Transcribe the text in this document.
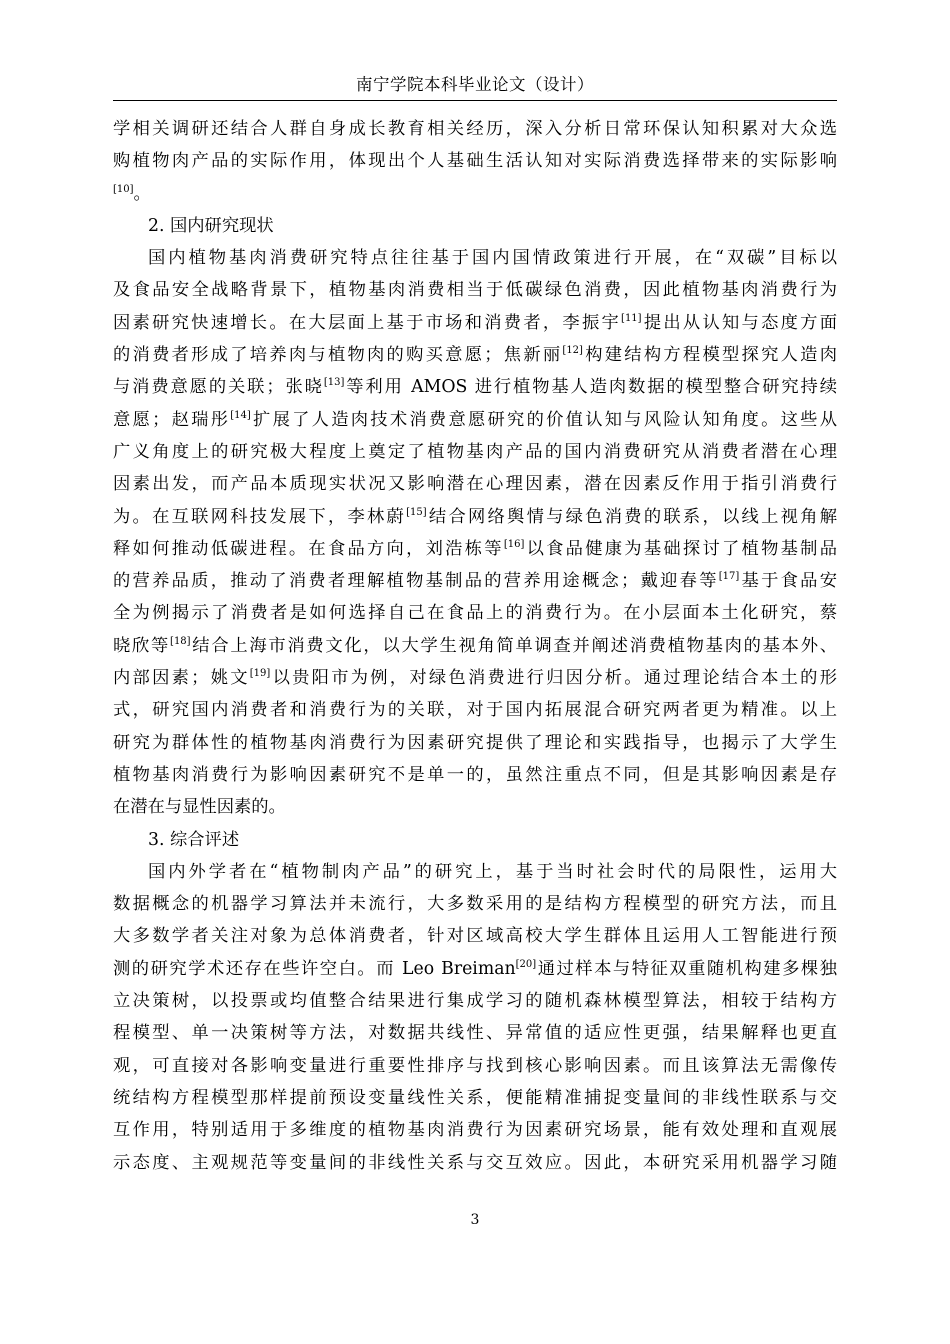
南宁学院本科毕业论文（设计）
学相关调研还结合人群自身成长教育相关经历，深入分析日常环保认知积累对大众选
购植物肉产品的实际作用，体现出个人基础生活认知对实际消费选择带来的实际影响
[10]。
2. 国内研究现状
国内植物基肉消费研究特点往往基于国内国情政策进行开展，在“双碳”目标以
及食品安全战略背景下，植物基肉消费相当于低碳绿色消费，因此植物基肉消费行为
因素研究快速增长。在大层面上基于市场和消费者，李振宇[11]提出从认知与态度方面
的消费者形成了培养肉与植物肉的购买意愿；焦新丽[12]构建结构方程模型探究人造肉
与消费意愿的关联；张晓[13]等利用 AMOS 进行植物基人造肉数据的模型整合研究持续
意愿；赵瑞彤[14]扩展了人造肉技术消费意愿研究的价值认知与风险认知角度。这些从
广义角度上的研究极大程度上奠定了植物基肉产品的国内消费研究从消费者潜在心理
因素出发，而产品本质现实状况又影响潜在心理因素，潜在因素反作用于指引消费行
为。在互联网科技发展下，李林蔚[15]结合网络舆情与绿色消费的联系，以线上视角解
释如何推动低碳进程。在食品方向，刘浩栋等[16]以食品健康为基础探讨了植物基制品
的营养品质，推动了消费者理解植物基制品的营养用途概念；戴迎春等[17]基于食品安
全为例揭示了消费者是如何选择自己在食品上的消费行为。在小层面本土化研究，蔡
晓欣等[18]结合上海市消费文化，以大学生视角简单调查并阐述消费植物基肉的基本外、
内部因素；姚文[19]以贵阳市为例，对绿色消费进行归因分析。通过理论结合本土的形
式，研究国内消费者和消费行为的关联，对于国内拓展混合研究两者更为精准。以上
研究为群体性的植物基肉消费行为因素研究提供了理论和实践指导，也揭示了大学生
植物基肉消费行为影响因素研究不是单一的，虽然注重点不同，但是其影响因素是存
在潜在与显性因素的。
3. 综合评述
国内外学者在“植物制肉产品”的研究上，基于当时社会时代的局限性，运用大
数据概念的机器学习算法并未流行，大多数采用的是结构方程模型的研究方法，而且
大多数学者关注对象为总体消费者，针对区域高校大学生群体且运用人工智能进行预
测的研究学术还存在些许空白。而 Leo Breiman[20]通过样本与特征双重随机构建多棵独
立决策树，以投票或均值整合结果进行集成学习的随机森林模型算法，相较于结构方
程模型、单一决策树等方法，对数据共线性、异常值的适应性更强，结果解释也更直
观，可直接对各影响变量进行重要性排序与找到核心影响因素。而且该算法无需像传
统结构方程模型那样提前预设变量线性关系，便能精准捕捉变量间的非线性联系与交
互作用，特别适用于多维度的植物基肉消费行为因素研究场景，能有效处理和直观展
示态度、主观规范等变量间的非线性关系与交互效应。因此，本研究采用机器学习随
3
